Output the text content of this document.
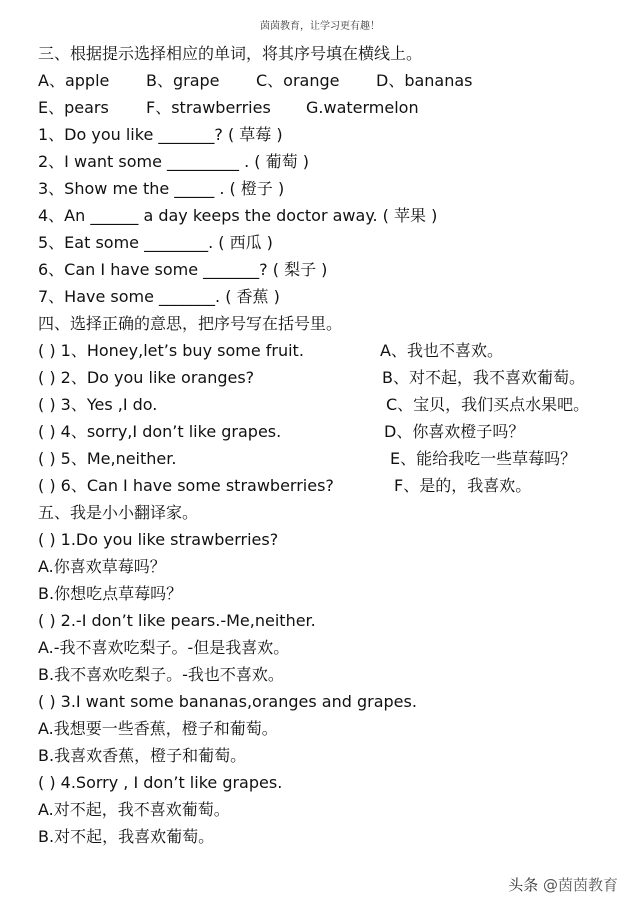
茵茵教育，让学习更有趣！
三、根据提示选择相应的单词，将其序号填在横线上。
A、apple B、grape C、orange D、bananas
E、pears F、strawberries G.watermelon
1、Do you like _______? ( 草莓 )
2、I want some _________ . ( 葡萄 )
3、Show me the _____ . ( 橙子 )
4、An ______ a day keeps the doctor away. ( 苹果 )
5、Eat some ________. ( 西瓜 )
6、Can I have some _______? ( 梨子 )
7、Have some _______. ( 香蕉 )
四、选择正确的意思，把序号写在括号里。
( ) 1、Honey,let’s buy some fruit.	A、我也不喜欢。
( ) 2、Do you like oranges?	B、对不起，我不喜欢葡萄。
( ) 3、Yes ,I do.	C、宝贝，我们买点水果吧。
( ) 4、sorry,I don’t like grapes.	D、你喜欢橙子吗？
( ) 5、Me,neither.	E、能给我吃一些草莓吗？
( ) 6、Can I have some strawberries?	F、是的，我喜欢。
五、我是小小翻译家。
( ) 1.Do you like strawberries?
A.你喜欢草莓吗？
B.你想吃点草莓吗？
( ) 2.-I don’t like pears.-Me,neither.
A.-我不喜欢吃梨子。-但是我喜欢。
B.我不喜欢吃梨子。-我也不喜欢。
( ) 3.I want some bananas,oranges and grapes.
A.我想要一些香蕉，橙子和葡萄。
B.我喜欢香蕉，橙子和葡萄。
( ) 4.Sorry , I don’t like grapes.
A.对不起，我不喜欢葡萄。
B.对不起，我喜欢葡萄。
头条 @茵茵教育
